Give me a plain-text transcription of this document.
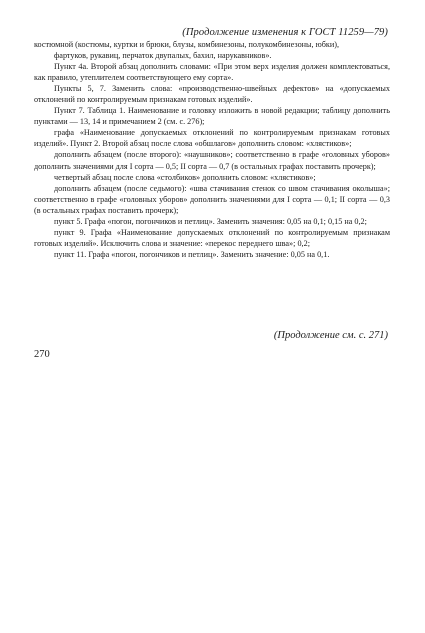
(Продолжение изменения к ГОСТ 11259—79)

костюмной (костюмы, куртки и брюки, блузы, комбинезоны, полукомбинезоны, юбки),

фартуков, рукавиц, перчаток двупалых, бахил, нарукавников».

Пункт 4а. Второй абзац дополнить словами: «При этом верх изделия должен комплектоваться, как правило, утеплителем соответствующего ему сорта».

Пункты 5, 7. Заменить слова: «производственно-швейных дефектов» на «допускаемых отклонений по контролируемым признакам готовых изделий».

Пункт 7. Таблица 1. Наименование и головку изложить в новой редакции; таблицу дополнить пунктами — 13, 14 и примечанием 2 (см. с. 276);

графа «Наименование допускаемых отклонений по контролируемым признакам готовых изделий». Пункт 2. Второй абзац после слова «обшлагов» дополнить словом: «хлястиков»;

дополнить абзацем (после второго): «наушников»; соответственно в графе «головных уборов» дополнить значениями для I сорта — 0,5; II сорта — 0,7 (в остальных графах поставить прочерк);

четвертый абзац после слова «столбиков» дополнить словом: «хлястиков»;

дополнить абзацем (после седьмого): «шва стачивания стенок со швом стачивания околыша»; соответственно в графе «головных уборов» дополнить значениями для I сорта — 0,1; II сорта — 0,3 (в остальных графах поставить прочерк);

пункт 5. Графа «погон, погончиков и петлиц». Заменить значения: 0,05 на 0,1; 0,15 на 0,2;

пункт 9. Графа «Наименование допускаемых отклонений по контролируемым признакам готовых изделий». Исключить слова и значение: «перекос переднего шва»; 0,2;

пункт 11. Графа «погон, погончиков и петлиц». Заменить значение: 0,05 на 0,1.

(Продолжение см. с. 271)
270
